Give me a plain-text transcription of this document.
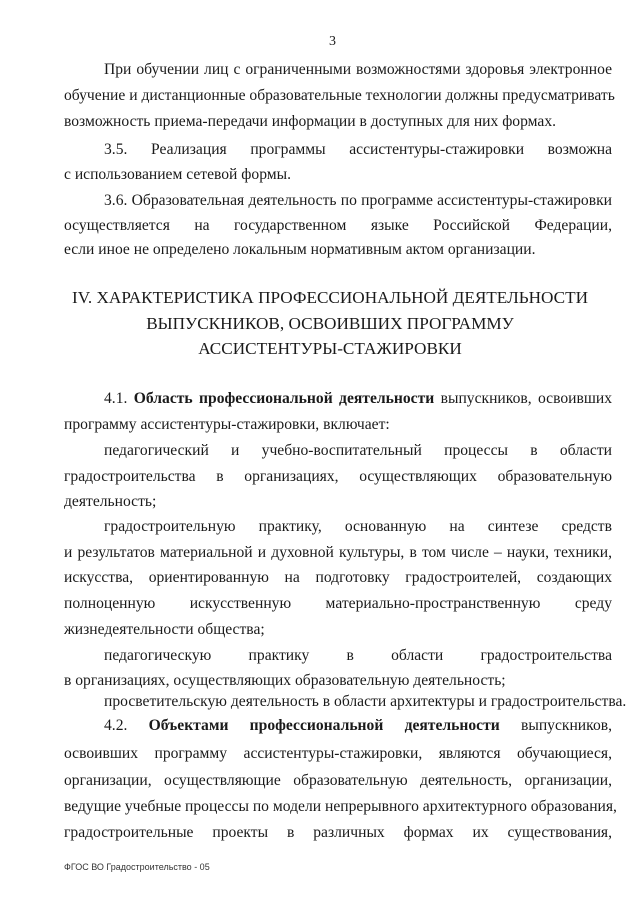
3
При обучении лиц с ограниченными возможностями здоровья электронное
обучение и дистанционные образовательные технологии должны предусматривать
возможность приема-передачи информации в доступных для них формах.
3.5. Реализация программы ассистентуры-стажировки возможна
с использованием сетевой формы.
3.6. Образовательная деятельность по программе ассистентуры-стажировки
осуществляется на государственном языке Российской Федерации,
если иное не определено локальным нормативным актом организации.
IV. ХАРАКТЕРИСТИКА ПРОФЕССИОНАЛЬНОЙ ДЕЯТЕЛЬНОСТИ
ВЫПУСКНИКОВ, ОСВОИВШИХ ПРОГРАММУ
АССИСТЕНТУРЫ-СТАЖИРОВКИ
4.1. Область профессиональной деятельности выпускников, освоивших
программу ассистентуры-стажировки, включает:
педагогический и учебно-воспитательный процессы в области
градостроительства в организациях, осуществляющих образовательную
деятельность;
градостроительную практику, основанную на синтезе средств
и результатов материальной и духовной культуры, в том числе – науки, техники,
искусства, ориентированную на подготовку градостроителей, создающих
полноценную искусственную материально-пространственную среду
жизнедеятельности общества;
педагогическую практику в области градостроительства
в организациях, осуществляющих образовательную деятельность;
просветительскую деятельность в области архитектуры и градостроительства.
4.2. Объектами профессиональной деятельности выпускников,
освоивших программу ассистентуры-стажировки, являются обучающиеся,
организации, осуществляющие образовательную деятельность, организации,
ведущие учебные процессы по модели непрерывного архитектурного образования,
градостроительные проекты в различных формах их существования,
ФГОС ВО Градостроительство - 05
